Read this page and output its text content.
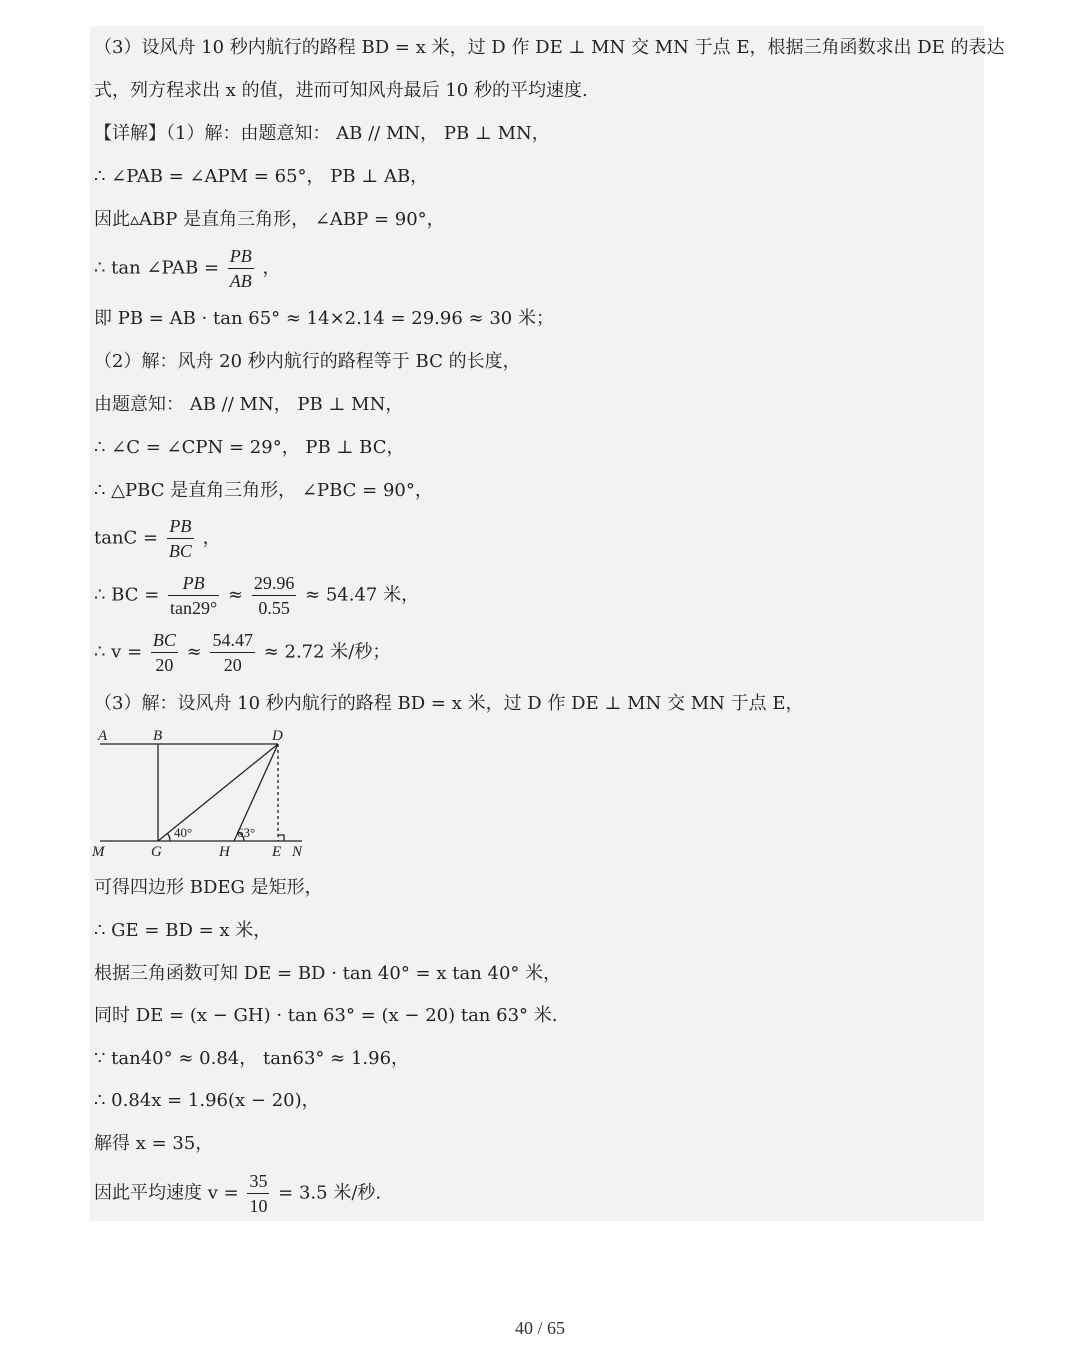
（3）设风舟 10 秒内航行的路程 BD = x 米，过 D 作 DE ⊥ MN 交 MN 于点 E，根据三角函数求出 DE 的表达
式，列方程求出 x 的值，进而可知风舟最后 10 秒的平均速度.
【详解】（1）解：由题意知： AB // MN， PB ⊥ MN，
∴ ∠PAB = ∠APM = 65°， PB ⊥ AB，
因此▵ABP 是直角三角形， ∠ABP = 90°，
∴ tan ∠PAB = $\frac{PB}{AB}$ ，
即 PB = AB · tan 65° ≈ 14×2.14 = 29.96 ≈ 30 米；
（2）解：风舟 20 秒内航行的路程等于 BC 的长度，
由题意知： AB // MN， PB ⊥ MN，
∴ ∠C = ∠CPN = 29°， PB ⊥ BC，
∴ △PBC 是直角三角形， ∠PBC = 90°，
$\tan C = \frac{PB}{BC}$ ，
∴ BC = $\frac{PB}{\tan 29^\circ} \approx \frac{29.96}{0.55} \approx 54.47$ 米，
∴ $v = \frac{BC}{20} \approx \frac{54.47}{20} \approx 2.72$ 米/秒；
（3）解：设风舟 10 秒内航行的路程 BD = x 米，过 D 作 DE ⊥ MN 交 MN 于点 E，
A	B	D
M	G	H	E N
40°	63°
可得四边形 BDEG 是矩形，
∴ GE = BD = x 米，
根据三角函数可知 DE = BD · tan 40° = x tan 40° 米，
同时 DE = (x − GH) · tan 63° = (x − 20) tan 63° 米.
∵ tan40° ≈ 0.84， tan63° ≈ 1.96，
∴ 0.84x = 1.96(x − 20)，
解得 x = 35，
因此平均速度 $v = \frac{35}{10} = 3.5$ 米/秒.
40 / 65
